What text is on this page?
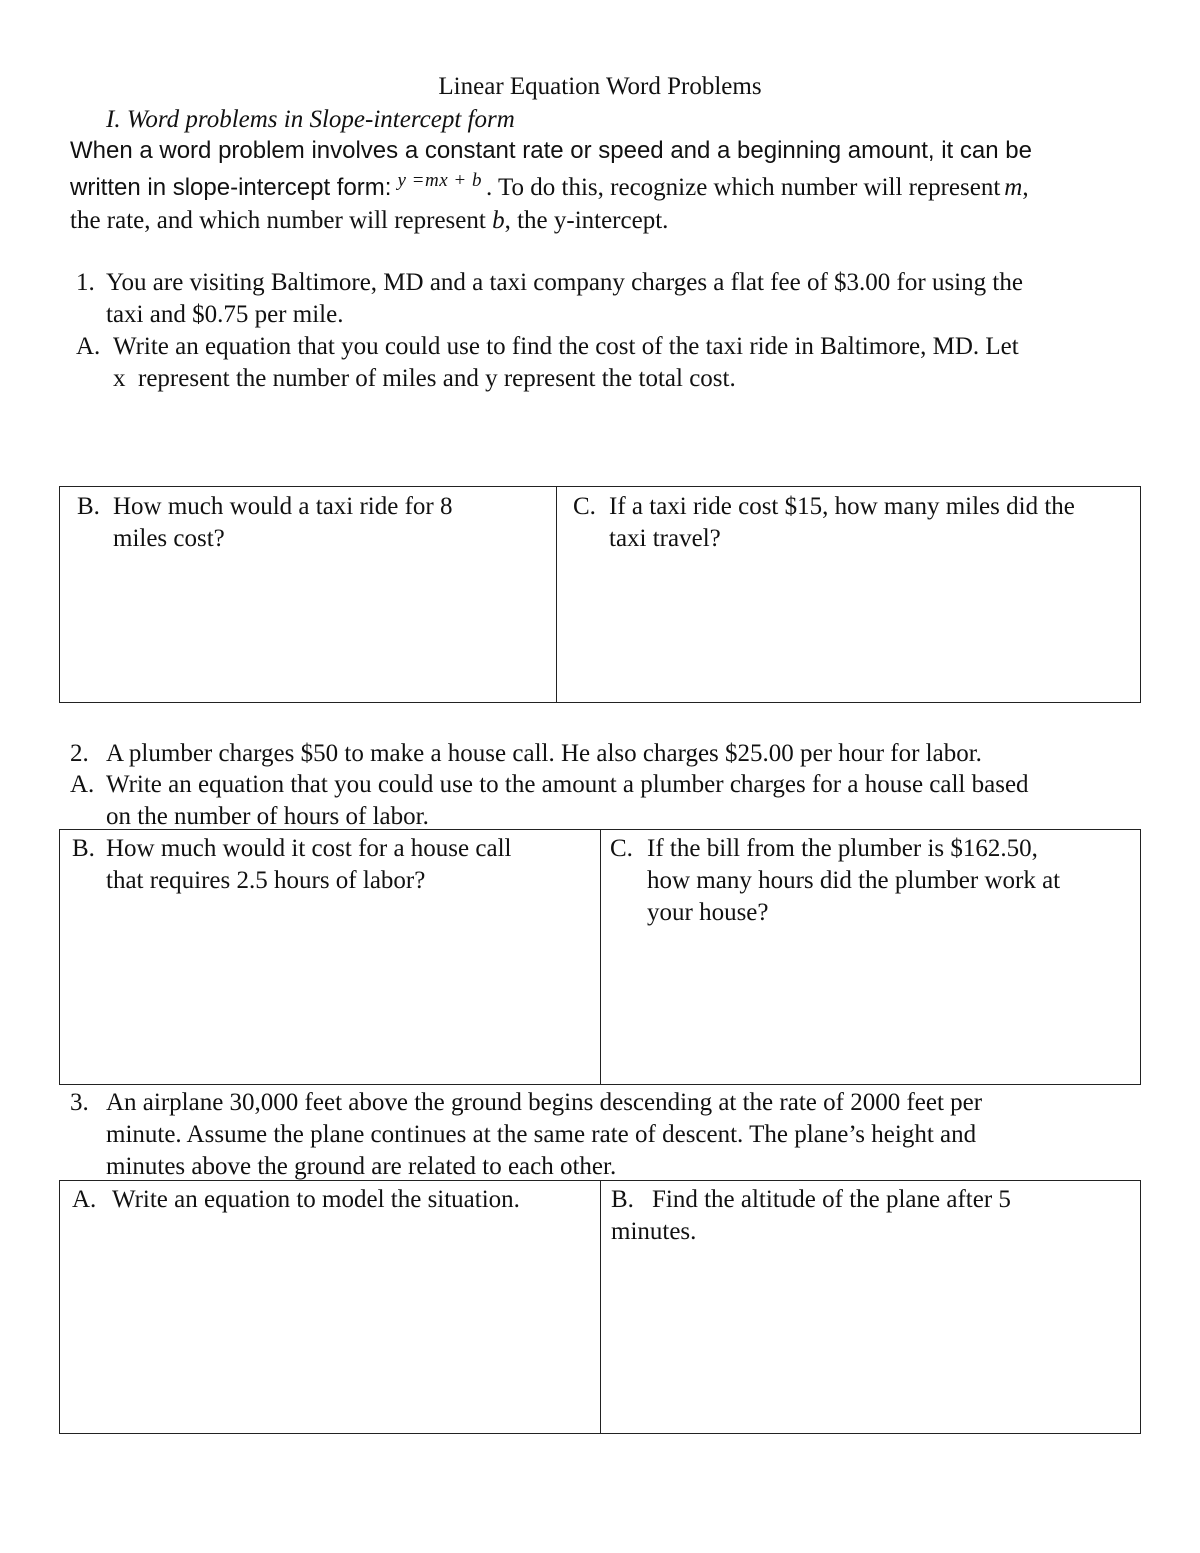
Linear Equation Word Problems
I. Word problems in Slope-intercept form
When a word problem involves a constant rate or speed and a beginning amount, it can be
written in slope-intercept form: y =mx + b . To do this, recognize which number will represent m,
the rate, and which number will represent b, the y-intercept.
1. You are visiting Baltimore, MD and a taxi company charges a flat fee of $3.00 for using the
taxi and $0.75 per mile.
A. Write an equation that you could use to find the cost of the taxi ride in Baltimore, MD. Let
x represent the number of miles and y represent the total cost.
B. How much would a taxi ride for 8
miles cost?
C. If a taxi ride cost $15, how many miles did the
taxi travel?
2. A plumber charges $50 to make a house call. He also charges $25.00 per hour for labor.
A. Write an equation that you could use to the amount a plumber charges for a house call based
on the number of hours of labor.
B. How much would it cost for a house call
that requires 2.5 hours of labor?
C. If the bill from the plumber is $162.50,
how many hours did the plumber work at
your house?
3. An airplane 30,000 feet above the ground begins descending at the rate of 2000 feet per
minute. Assume the plane continues at the same rate of descent. The plane’s height and
minutes above the ground are related to each other.
A. Write an equation to model the situation.	B. Find the altitude of the plane after 5
minutes.
